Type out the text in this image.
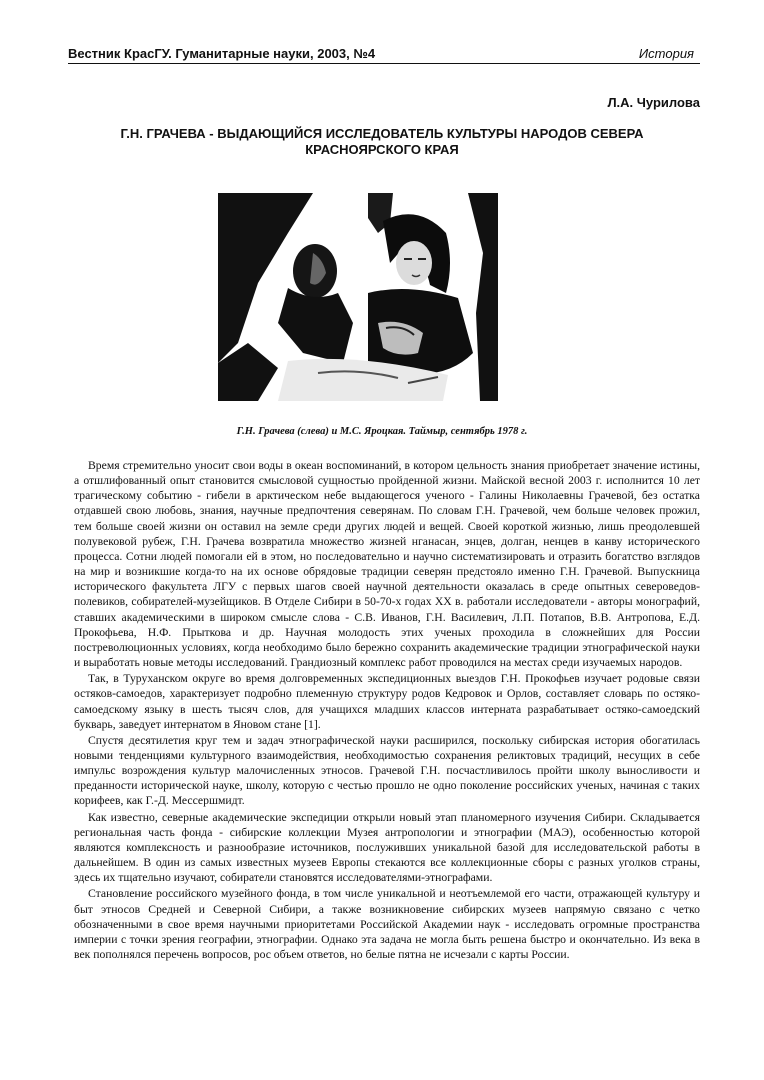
Вестник КрасГУ. Гуманитарные науки, 2003, №4	История
Л.А. Чурилова
Г.Н. ГРАЧЕВА - ВЫДАЮЩИЙСЯ ИССЛЕДОВАТЕЛЬ КУЛЬТУРЫ НАРОДОВ СЕВЕРА
КРАСНОЯРСКОГО КРАЯ
Г.Н. Грачева (слева) и М.С. Яроцкая. Таймыр, сентябрь 1978 г.

Время стремительно уносит свои воды в океан воспоминаний, в котором цельность знания приобретает значение истины, а отшлифованный опыт становится смысловой сущностью пройденной жизни. Майской весной 2003 г. исполнится 10 лет трагическому событию - гибели в арктическом небе выдающегося ученого - Галины Николаевны Грачевой, без остатка отдавшей свою любовь, знания, научные предпочтения северянам. По словам Г.Н. Грачевой, чем больше человек прожил, тем больше своей жизни он оставил на земле среди других людей и вещей. Своей короткой жизнью, лишь преодолевшей полувековой рубеж, Г.Н. Грачева возвратила множество жизней нганасан, энцев, долган, ненцев в канву исторического процесса. Сотни людей помогали ей в этом, но последовательно и научно систематизировать и отразить богатство взглядов на мир и возникшие когда-то на их основе обрядовые традиции северян предстояло именно Г.Н. Грачевой. Выпускница исторического факультета ЛГУ с первых шагов своей научной деятельности оказалась в среде опытных североведов-полевиков, собирателей-музейщиков. В Отделе Сибири в 50-70-х годах XX в. работали исследователи - авторы монографий, ставших академическими в широком смысле слова - С.В. Иванов, Г.Н. Василевич, Л.П. Потапов, В.В. Антропова, Е.Д. Прокофьева, Н.Ф. Прыткова и др. Научная молодость этих ученых проходила в сложнейших для России постреволюционных условиях, когда необходимо было бережно сохранить академические традиции этнографической науки и выработать новые методы исследований. Грандиозный комплекс работ проводился на местах среди изучаемых народов.

Так, в Туруханском округе во время долговременных экспедиционных выездов Г.Н. Прокофьев изучает родовые связи остяков-самоедов, характеризует подробно племенную структуру родов Кедровок и Орлов, составляет словарь по остяко-самоедскому языку в шесть тысяч слов, для учащихся младших классов интерната разрабатывает остяко-самоедский букварь, заведует интернатом в Яновом стане [1].

Спустя десятилетия круг тем и задач этнографической науки расширился, поскольку сибирская история обогатилась новыми тенденциями культурного взаимодействия, необходимостью сохранения реликтовых традиций, несущих в себе импульс возрождения культур малочисленных этносов. Грачевой Г.Н. посчастливилось пройти школу выносливости и преданности исторической науке, школу, которую с честью прошло не одно поколение российских ученых, начиная с таких корифеев, как Г.-Д. Мессершмидт.

Как известно, северные академические экспедиции открыли новый этап планомерного изучения Сибири. Складывается региональная часть фонда - сибирские коллекции Музея антропологии и этнографии (МАЭ), особенностью которой являются комплексность и разнообразие источников, послуживших уникальной базой для исследовательской работы в дальнейшем. В один из самых известных музеев Европы стекаются все коллекционные сборы с разных уголков страны, здесь их тщательно изучают, собиратели становятся исследователями-этнографами.

Становление российского музейного фонда, в том числе уникальной и неотъемлемой его части, отражающей культуру и быт этносов Средней и Северной Сибири, а также возникновение сибирских музеев напрямую связано с четко обозначенными в свое время научными приоритетами Российской Академии наук - исследовать огромные пространства империи с точки зрения географии, этнографии. Однако эта задача не могла быть решена быстро и окончательно. Из века в век пополнялся перечень вопросов, рос объем ответов, но белые пятна не исчезали с карты России.
